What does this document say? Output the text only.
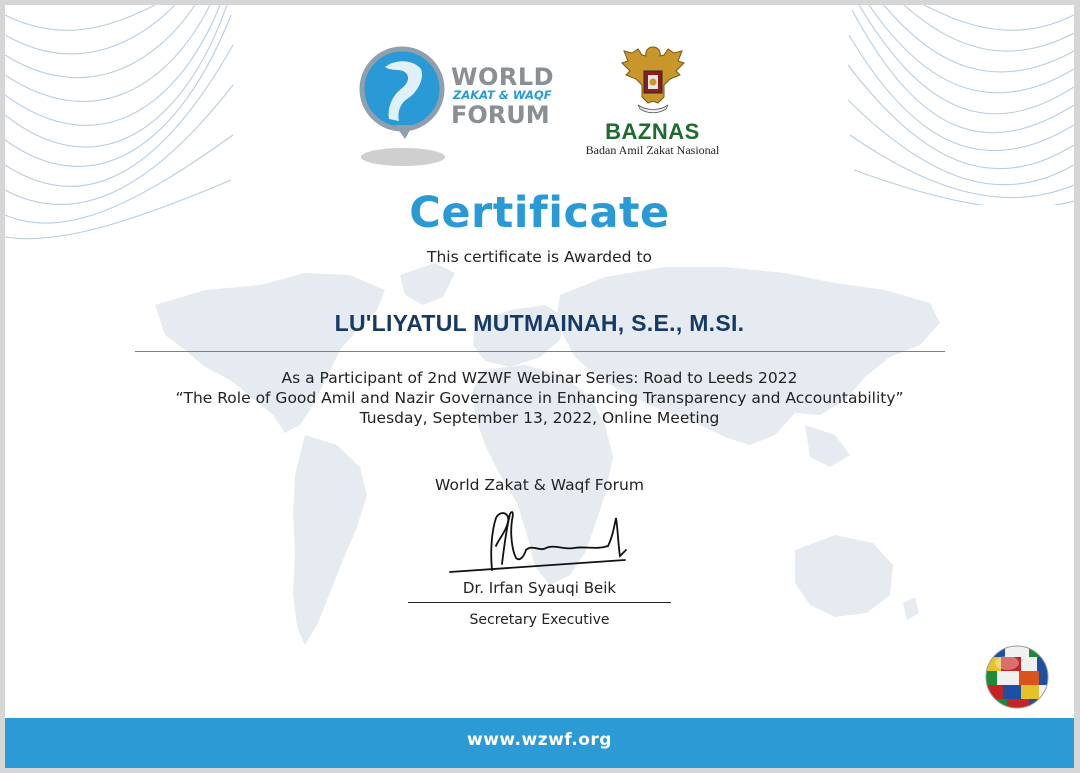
WORLD
ZAKAT & WAQF
FORUM
BAZNAS
Badan Amil Zakat Nasional
Certificate
This certificate is Awarded to
LU'LIYATUL MUTMAINAH, S.E., M.SI.
As a Participant of 2nd WZWF Webinar Series: Road to Leeds 2022
“The Role of Good Amil and Nazir Governance in Enhancing Transparency and Accountability”
Tuesday, September 13, 2022, Online Meeting
World Zakat & Waqf Forum
Dr. Irfan Syauqi Beik
Secretary Executive
www.wzwf.org
